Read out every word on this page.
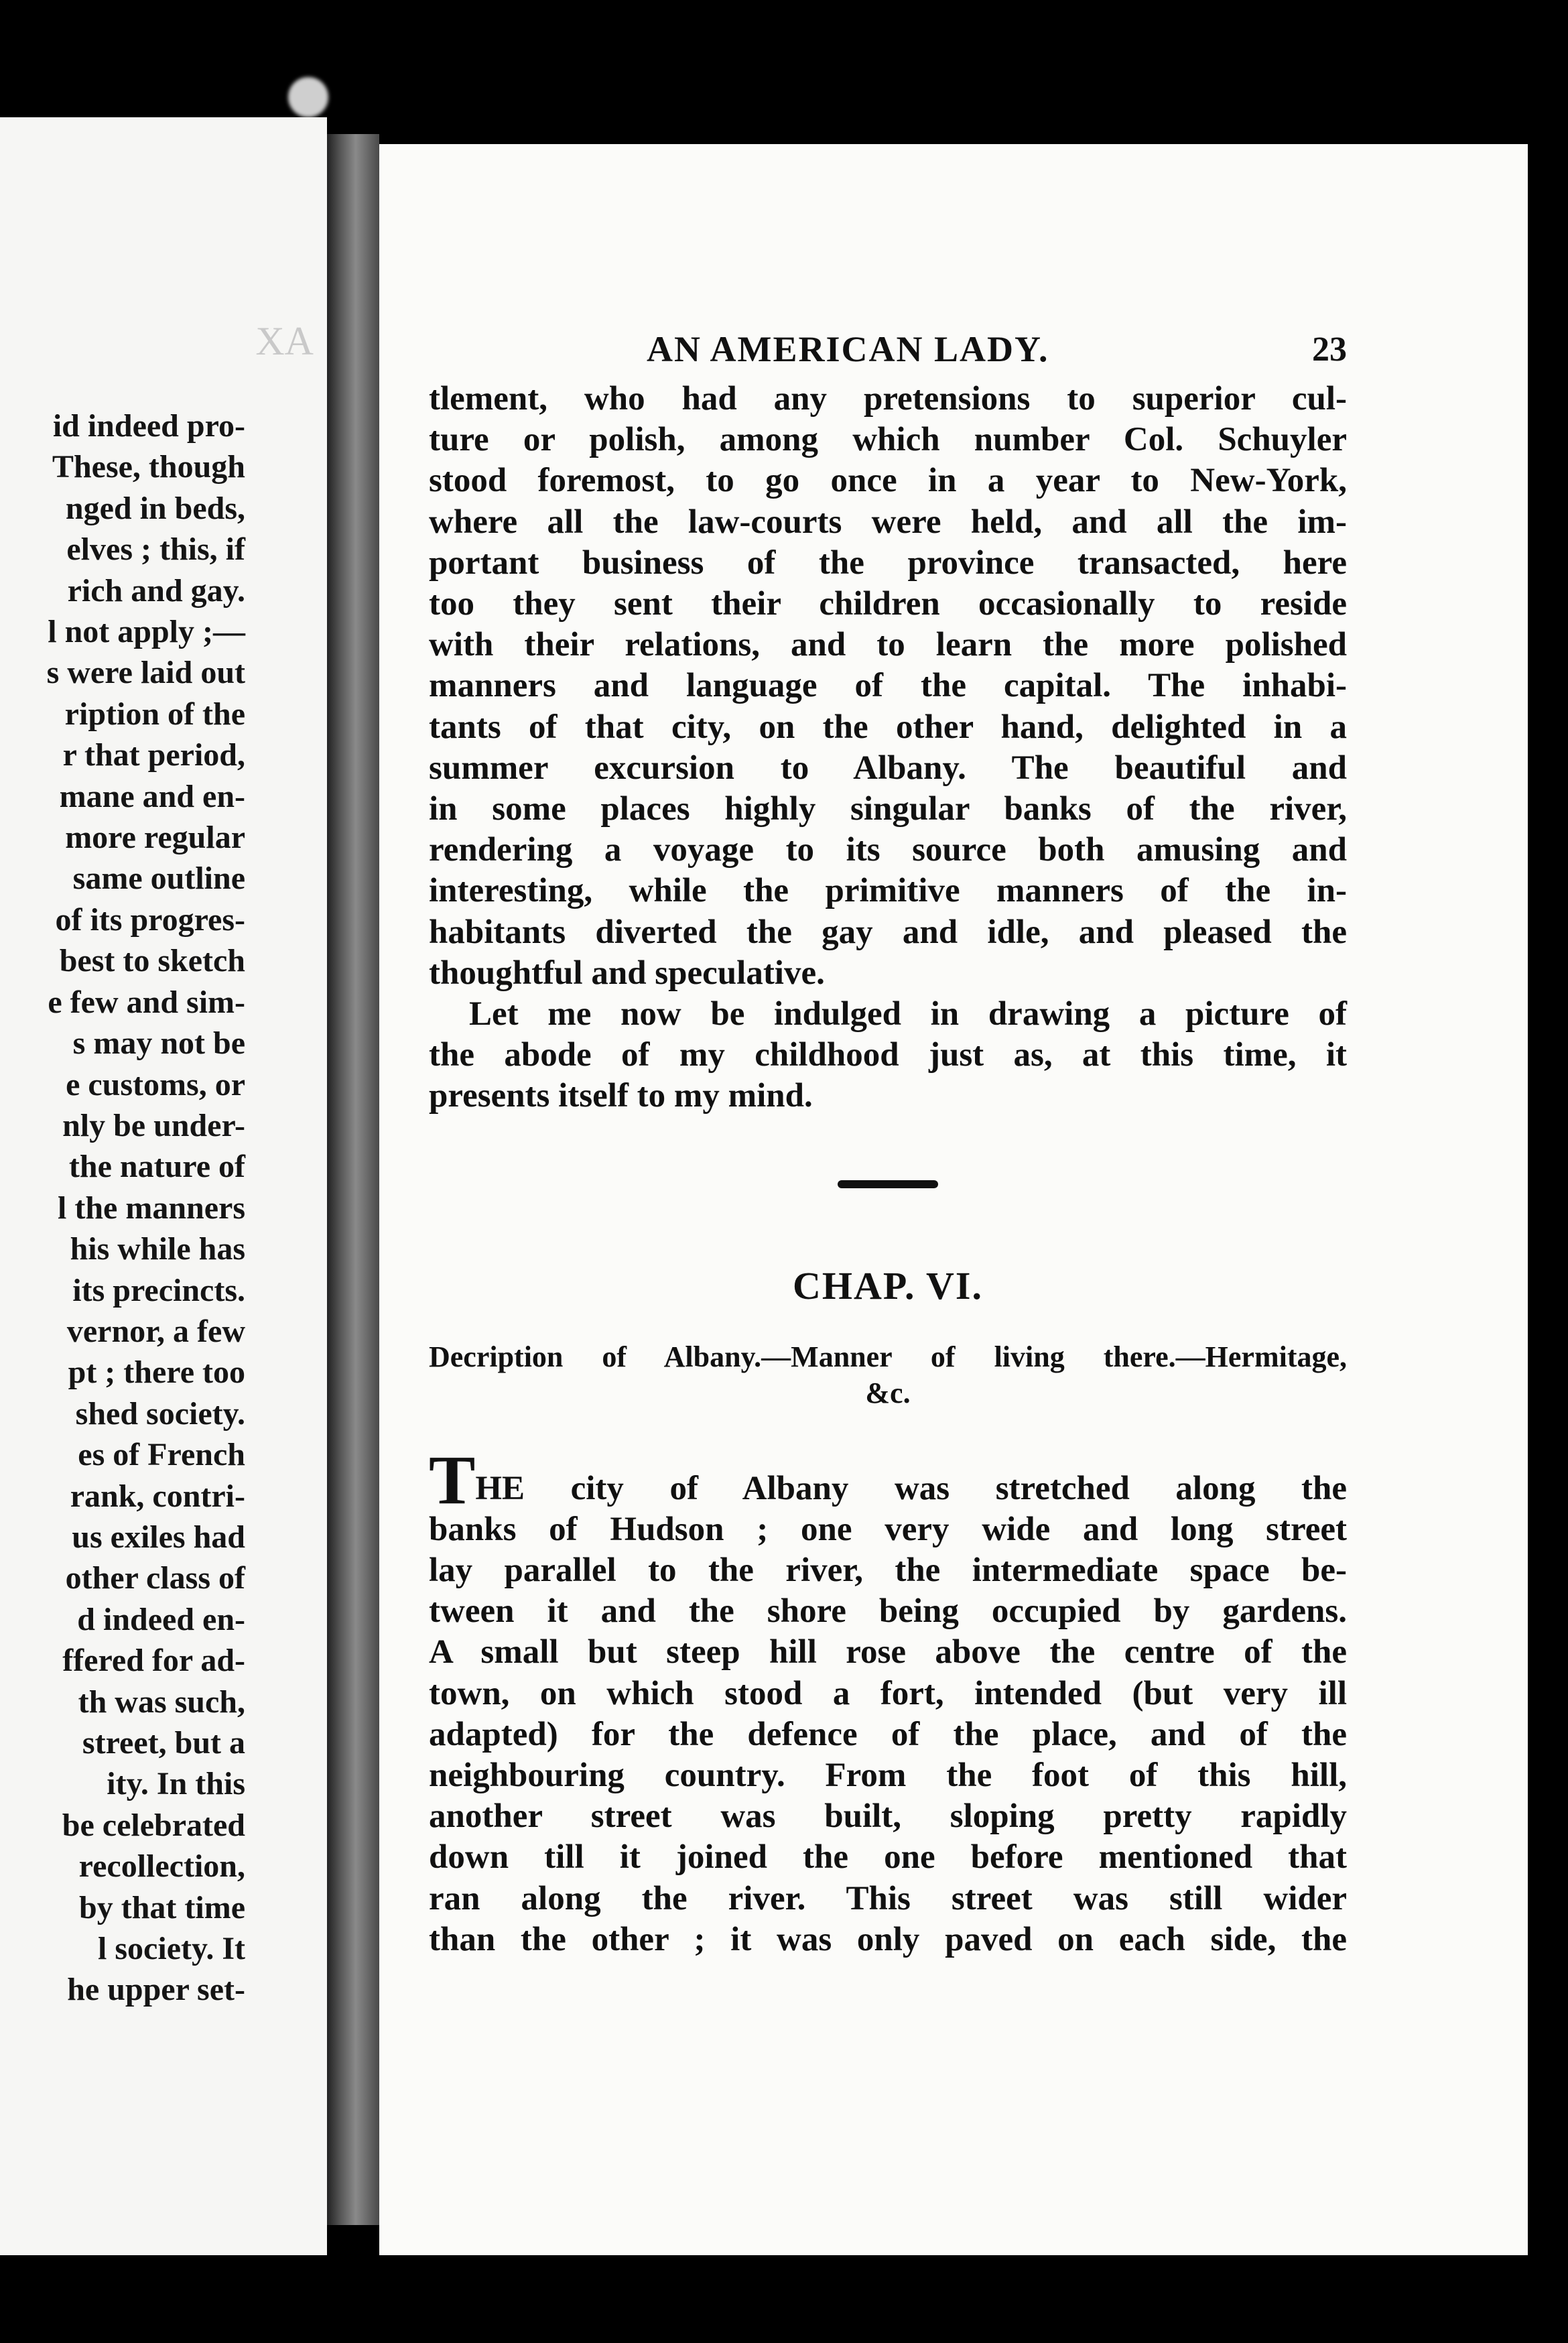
XA
id indeed pro-
These, though
nged in beds,
elves ; this, if
rich and gay.
l not apply ;—
s were laid out
ription of the
r that period,
mane and en-
more regular
same outline
of its progres-
best to sketch
e few and sim-
s may not be
e customs, or
nly be under-
the nature of
l the manners
his while has
its precincts.
vernor, a few
pt ; there too
shed society.
es of French
rank, contri-
us exiles had
other class of
d indeed en-
ffered for ad-
th was such,
street, but a
ity. In this
be celebrated
recollection,
by that time
l society. It
he upper set-
AN AMERICAN LADY.	23
tlement, who had any pretensions to superior cul-
ture or polish, among which number Col. Schuyler
stood foremost, to go once in a year to New-York,
where all the law-courts were held, and all the im-
portant business of the province transacted, here
too they sent their children occasionally to reside
with their relations, and to learn the more polished
manners and language of the capital. The inhabi-
tants of that city, on the other hand, delighted in a
summer excursion to Albany. The beautiful and
in some places highly singular banks of the river,
rendering a voyage to its source both amusing and
interesting, while the primitive manners of the in-
habitants diverted the gay and idle, and pleased the
thoughtful and speculative.
Let me now be indulged in drawing a picture of
the abode of my childhood just as, at this time, it
presents itself to my mind.
CHAP. VI.
Decription of Albany.—Manner of living there.—Hermitage,
&c.
THE city of Albany was stretched along the
banks of Hudson ; one very wide and long street
lay parallel to the river, the intermediate space be-
tween it and the shore being occupied by gardens.
A small but steep hill rose above the centre of the
town, on which stood a fort, intended (but very ill
adapted) for the defence of the place, and of the
neighbouring country. From the foot of this hill,
another street was built, sloping pretty rapidly
down till it joined the one before mentioned that
ran along the river. This street was still wider
than the other ; it was only paved on each side, the
